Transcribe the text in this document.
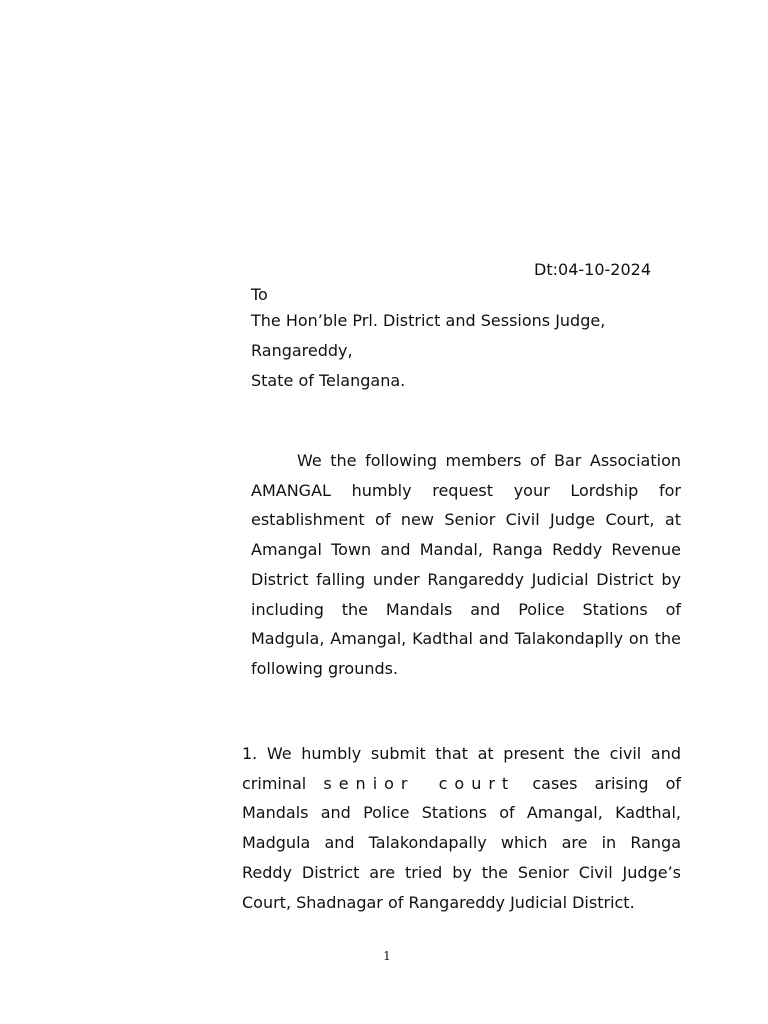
Dt:04-10-2024
To
The Hon’ble Prl. District and Sessions Judge,
Rangareddy,
State of Telangana.

We the following members of Bar Association AMANGAL humbly request your Lordship for establishment of new Senior Civil Judge Court, at Amangal Town and Mandal, Ranga Reddy Revenue District falling under Rangareddy Judicial District by including the Mandals and Police Stations of Madgula, Amangal, Kadthal and Talakondaplly on the following grounds.

1. We humbly submit that at present the civil and criminal senior court cases arising of Mandals and Police Stations of Amangal, Kadthal, Madgula and Talakondapally which are in Ranga Reddy District are tried by the Senior Civil Judge’s Court, Shadnagar of Rangareddy Judicial District.

1
